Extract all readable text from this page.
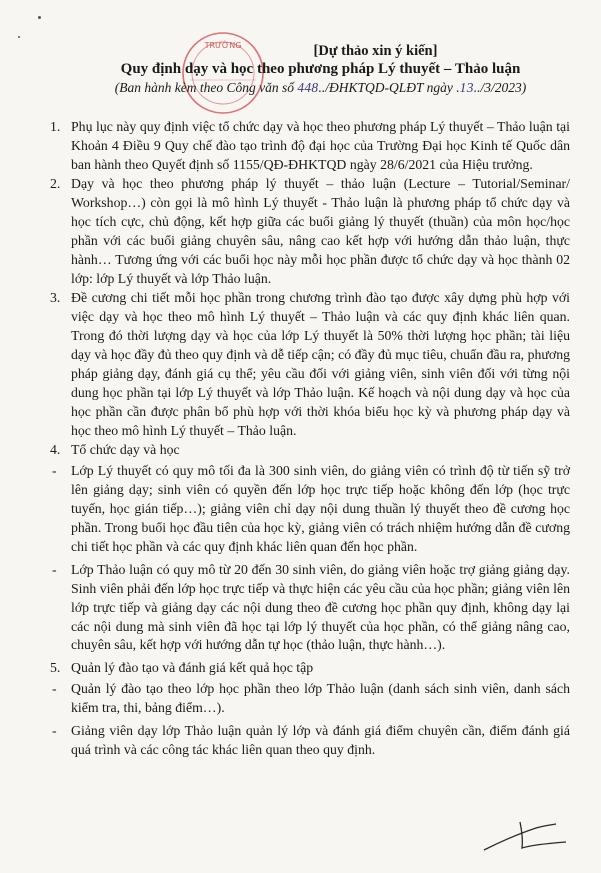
TRƯỜNG	[Dự thảo xin ý kiến]
Quy định dạy và học theo phương pháp Lý thuyết – Thảo luận
(Ban hành kèm theo Công văn số 448../ĐHKTQD-QLĐT ngày .13../3/2023)
1. Phụ lục này quy định việc tổ chức dạy và học theo phương pháp Lý thuyết – Thảo luận tại Khoản 4 Điều 9 Quy chế đào tạo trình độ đại học của Trường Đại học Kinh tế Quốc dân ban hành theo Quyết định số 1155/QĐ-ĐHKTQD ngày 28/6/2021 của Hiệu trưởng.
2. Dạy và học theo phương pháp lý thuyết – thảo luận (Lecture – Tutorial/Seminar/ Workshop…) còn gọi là mô hình Lý thuyết - Thảo luận là phương pháp tổ chức dạy và học tích cực, chủ động, kết hợp giữa các buổi giảng lý thuyết (thuần) của môn học/học phần với các buổi giảng chuyên sâu, nâng cao kết hợp với hướng dẫn thảo luận, thực hành… Tương ứng với các buổi học này mỗi học phần được tổ chức dạy và học thành 02 lớp: lớp Lý thuyết và lớp Thảo luận.
3. Đề cương chi tiết mỗi học phần trong chương trình đào tạo được xây dựng phù hợp với việc dạy và học theo mô hình Lý thuyết – Thảo luận và các quy định khác liên quan. Trong đó thời lượng dạy và học của lớp Lý thuyết là 50% thời lượng học phần; tài liệu dạy và học đầy đủ theo quy định và dễ tiếp cận; có đầy đủ mục tiêu, chuẩn đầu ra, phương pháp giảng dạy, đánh giá cụ thể; yêu cầu đối với giảng viên, sinh viên đối với từng nội dung học phần tại lớp Lý thuyết và lớp Thảo luận. Kế hoạch và nội dung dạy và học của học phần cần được phân bổ phù hợp với thời khóa biểu học kỳ và phương pháp dạy và học theo mô hình Lý thuyết – Thảo luận.
4. Tổ chức dạy và học
- Lớp Lý thuyết có quy mô tối đa là 300 sinh viên, do giảng viên có trình độ từ tiến sỹ trở lên giảng dạy; sinh viên có quyền đến lớp học trực tiếp hoặc không đến lớp (học trực tuyến, học gián tiếp…); giảng viên chỉ dạy nội dung thuần lý thuyết theo đề cương học phần. Trong buổi học đầu tiên của học kỳ, giảng viên có trách nhiệm hướng dẫn đề cương chi tiết học phần và các quy định khác liên quan đến học phần.
- Lớp Thảo luận có quy mô từ 20 đến 30 sinh viên, do giảng viên hoặc trợ giảng giảng dạy. Sinh viên phải đến lớp học trực tiếp và thực hiện các yêu cầu của học phần; giảng viên lên lớp trực tiếp và giảng dạy các nội dung theo đề cương học phần quy định, không dạy lại các nội dung mà sinh viên đã học tại lớp lý thuyết của học phần, có thể giảng nâng cao, chuyên sâu, kết hợp với hướng dẫn tự học (thảo luận, thực hành…).
5. Quản lý đào tạo và đánh giá kết quả học tập
- Quản lý đào tạo theo lớp học phần theo lớp Thảo luận (danh sách sinh viên, danh sách kiểm tra, thi, bảng điểm…).
- Giảng viên dạy lớp Thảo luận quản lý lớp và đánh giá điểm chuyên cần, điểm đánh giá quá trình và các công tác khác liên quan theo quy định.
